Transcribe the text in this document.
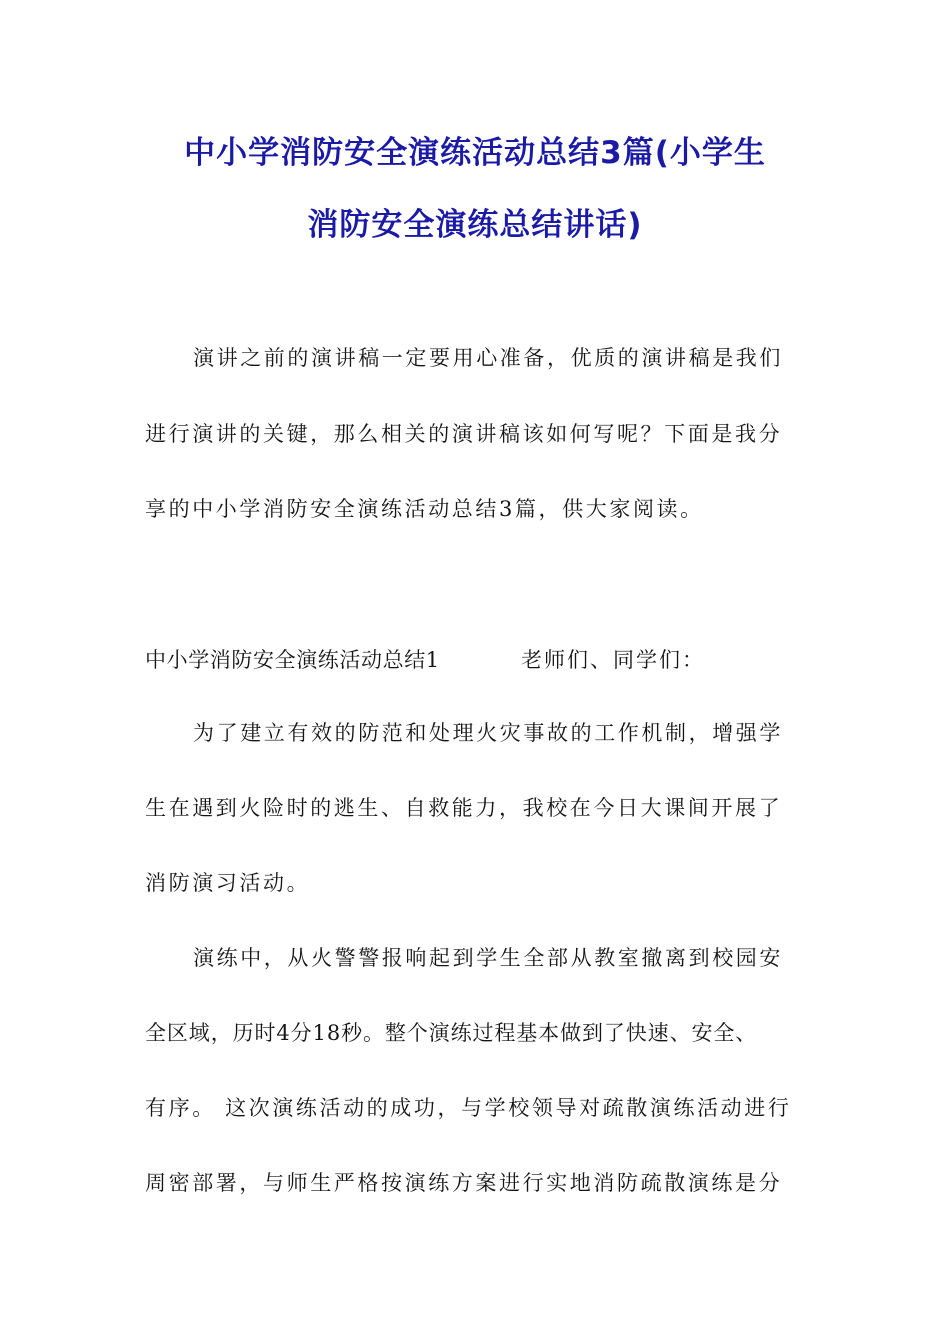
中小学消防安全演练活动总结3篇(小学生
消防安全演练总结讲话)
演讲之前的演讲稿一定要用心准备，优质的演讲稿是我们
进行演讲的关键，那么相关的演讲稿该如何写呢？下面是我分
享的中小学消防安全演练活动总结3篇，供大家阅读。
中小学消防安全演练活动总结1	老师们、同学们：
为了建立有效的防范和处理火灾事故的工作机制，增强学
生在遇到火险时的逃生、自救能力，我校在今日大课间开展了
消防演习活动。
演练中，从火警警报响起到学生全部从教室撤离到校园安
全区域，历时4分18秒。整个演练过程基本做到了快速、安全、
有序。 这次演练活动的成功，与学校领导对疏散演练活动进行
周密部署，与师生严格按演练方案进行实地消防疏散演练是分
